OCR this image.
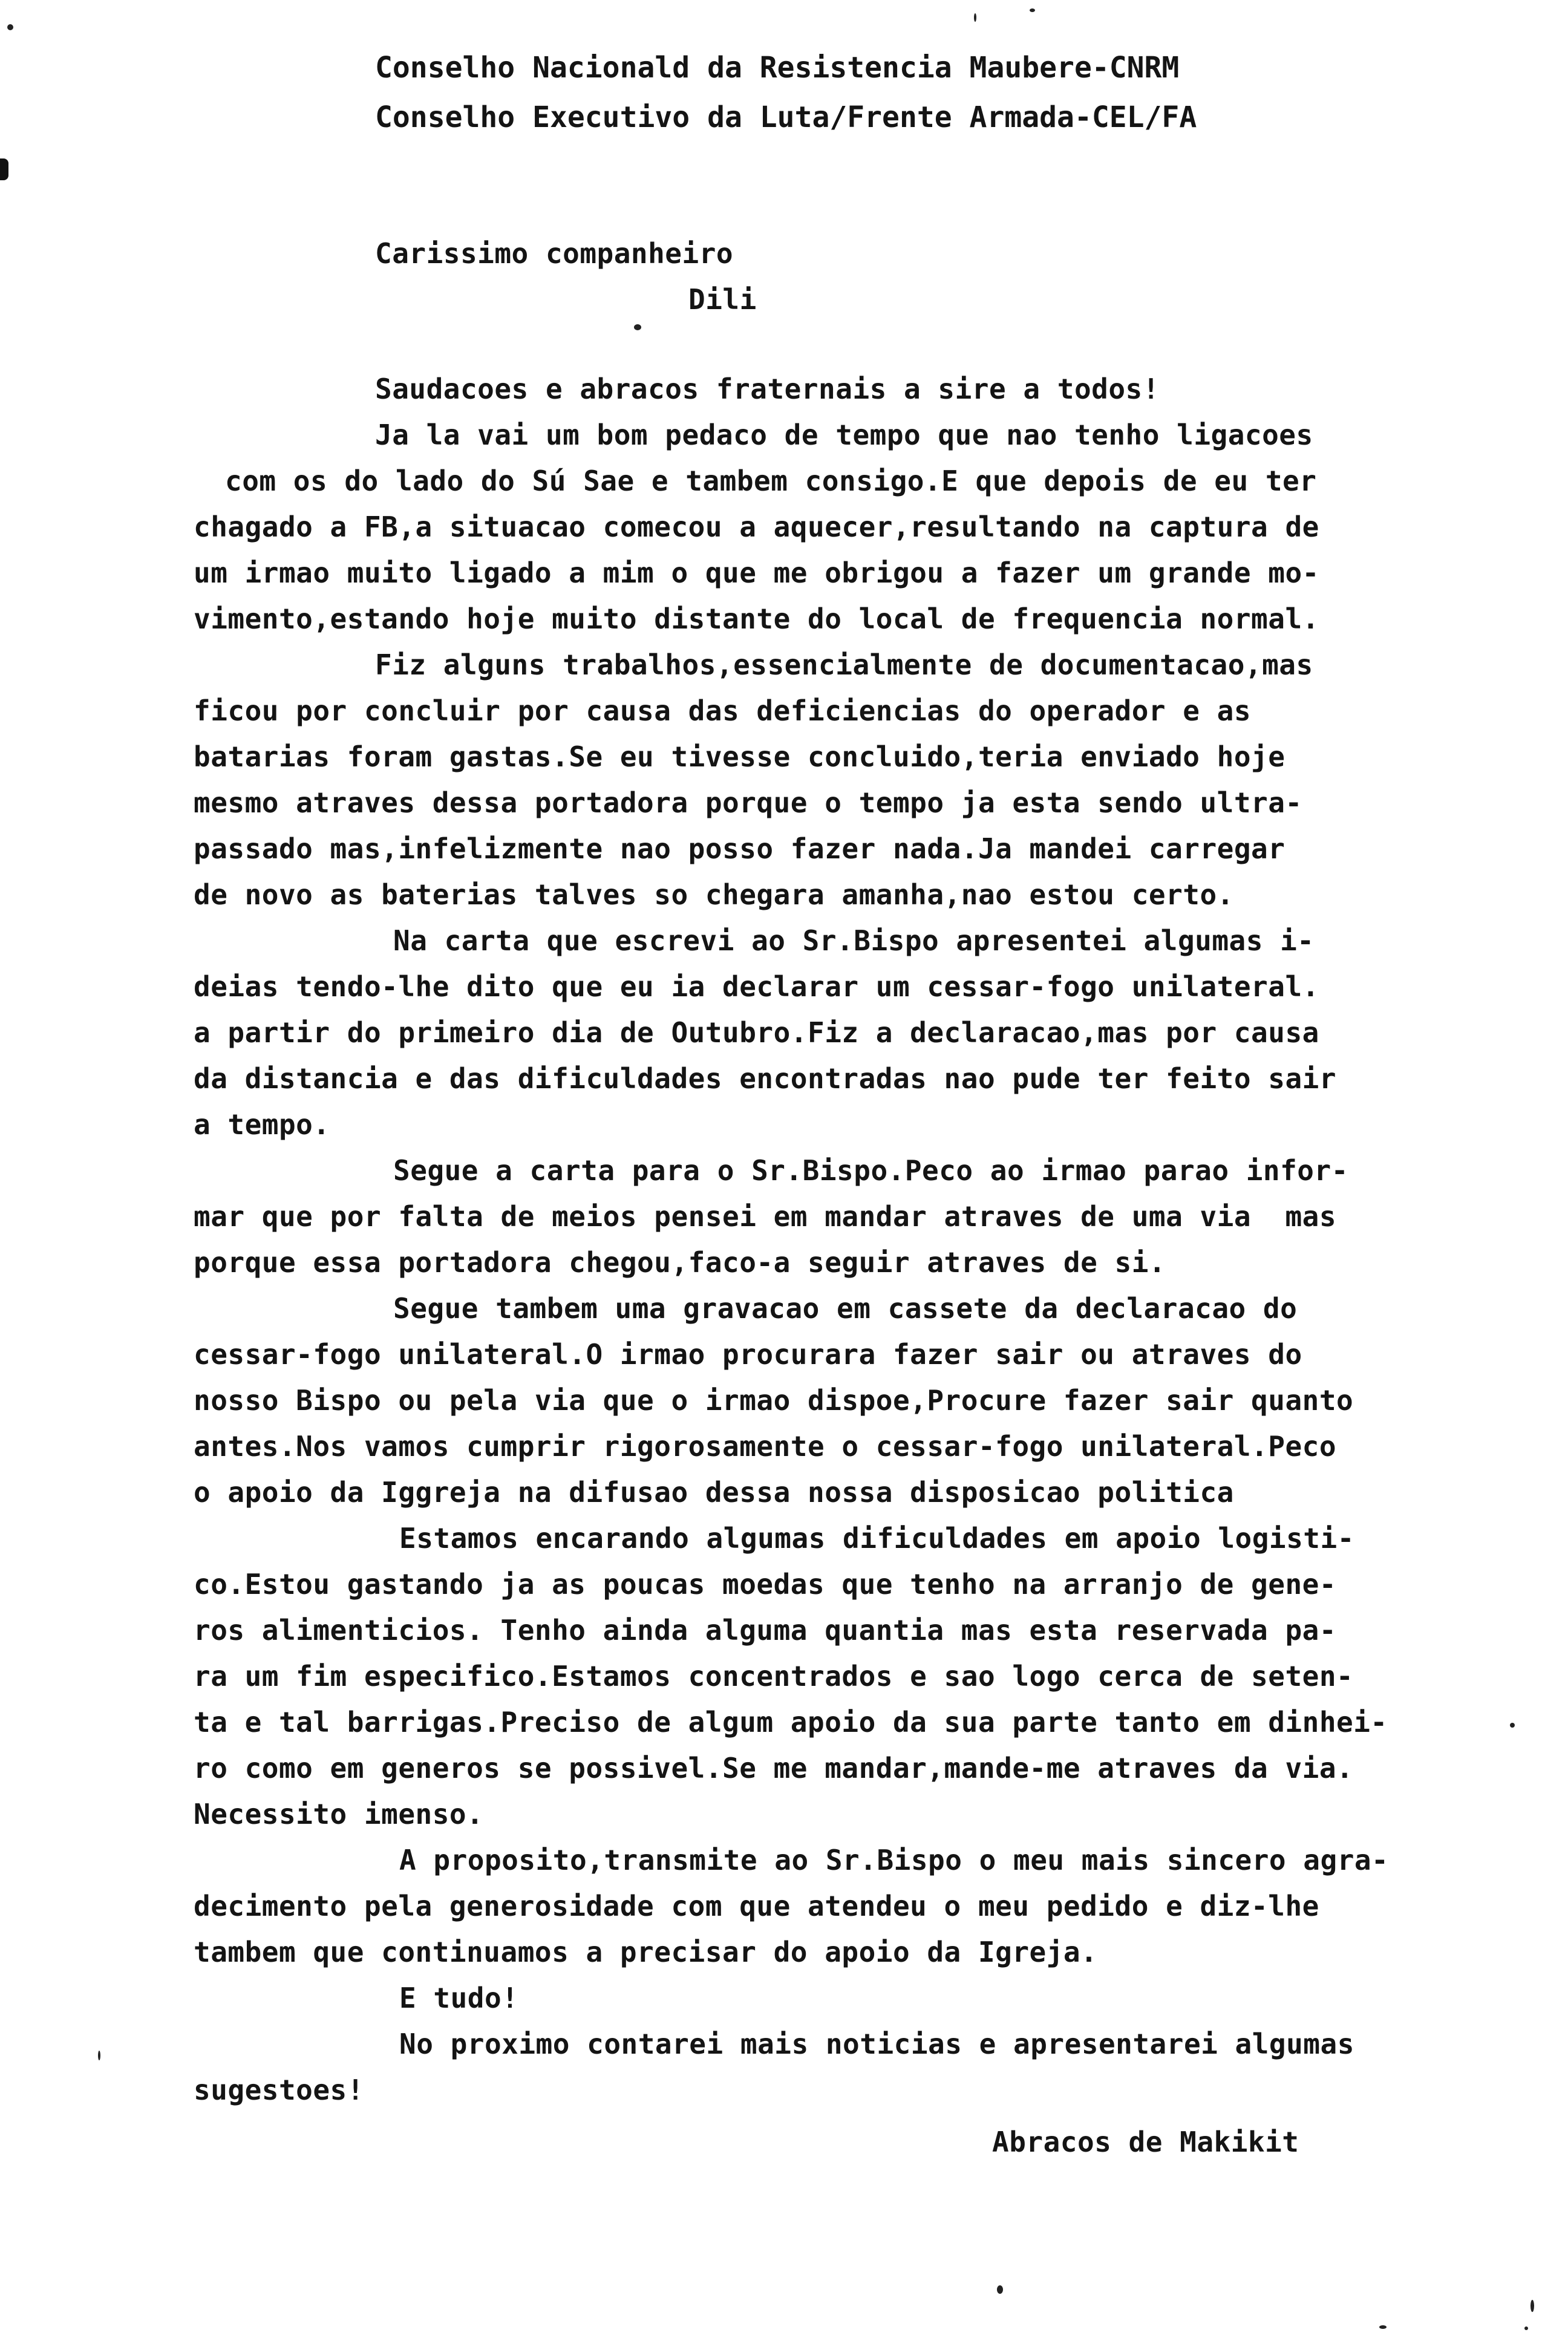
Conselho Nacionald da Resistencia Maubere-CNRM
Conselho Executivo da Luta/Frente Armada-CEL/FA
Carissimo companheiro
Dili
Saudacoes e abracos fraternais a sire a todos!
Ja la vai um bom pedaco de tempo que nao tenho ligacoes
com os do lado do Sú Sae e tambem consigo.E que depois de eu ter
chagado a FB,a situacao comecou a aquecer,resultando na captura de
um irmao muito ligado a mim o que me obrigou a fazer um grande mo-
vimento,estando hoje muito distante do local de frequencia normal.
Fiz alguns trabalhos,essencialmente de documentacao,mas
ficou por concluir por causa das deficiencias do operador e as
batarias foram gastas.Se eu tivesse concluido,teria enviado hoje
mesmo atraves dessa portadora porque o tempo ja esta sendo ultra-
passado mas,infelizmente nao posso fazer nada.Ja mandei carregar
de novo as baterias talves so chegara amanha,nao estou certo.
Na carta que escrevi ao Sr.Bispo apresentei algumas i-
deias tendo-lhe dito que eu ia declarar um cessar-fogo unilateral.
a partir do primeiro dia de Outubro.Fiz a declaracao,mas por causa
da distancia e das dificuldades encontradas nao pude ter feito sair
a tempo.
Segue a carta para o Sr.Bispo.Peco ao irmao parao infor-
mar que por falta de meios pensei em mandar atraves de uma via  mas
porque essa portadora chegou,faco-a seguir atraves de si.
Segue tambem uma gravacao em cassete da declaracao do
cessar-fogo unilateral.O irmao procurara fazer sair ou atraves do
nosso Bispo ou pela via que o irmao dispoe,Procure fazer sair quanto
antes.Nos vamos cumprir rigorosamente o cessar-fogo unilateral.Peco
o apoio da Iggreja na difusao dessa nossa disposicao politica
Estamos encarando algumas dificuldades em apoio logisti-
co.Estou gastando ja as poucas moedas que tenho na arranjo de gene-
ros alimenticios. Tenho ainda alguma quantia mas esta reservada pa-
ra um fim especifico.Estamos concentrados e sao logo cerca de seten-
ta e tal barrigas.Preciso de algum apoio da sua parte tanto em dinhei-
ro como em generos se possivel.Se me mandar,mande-me atraves da via.
Necessito imenso.
A proposito,transmite ao Sr.Bispo o meu mais sincero agra-
decimento pela generosidade com que atendeu o meu pedido e diz-lhe
tambem que continuamos a precisar do apoio da Igreja.
E tudo!
No proximo contarei mais noticias e apresentarei algumas
sugestoes!
Abracos de Makikit
